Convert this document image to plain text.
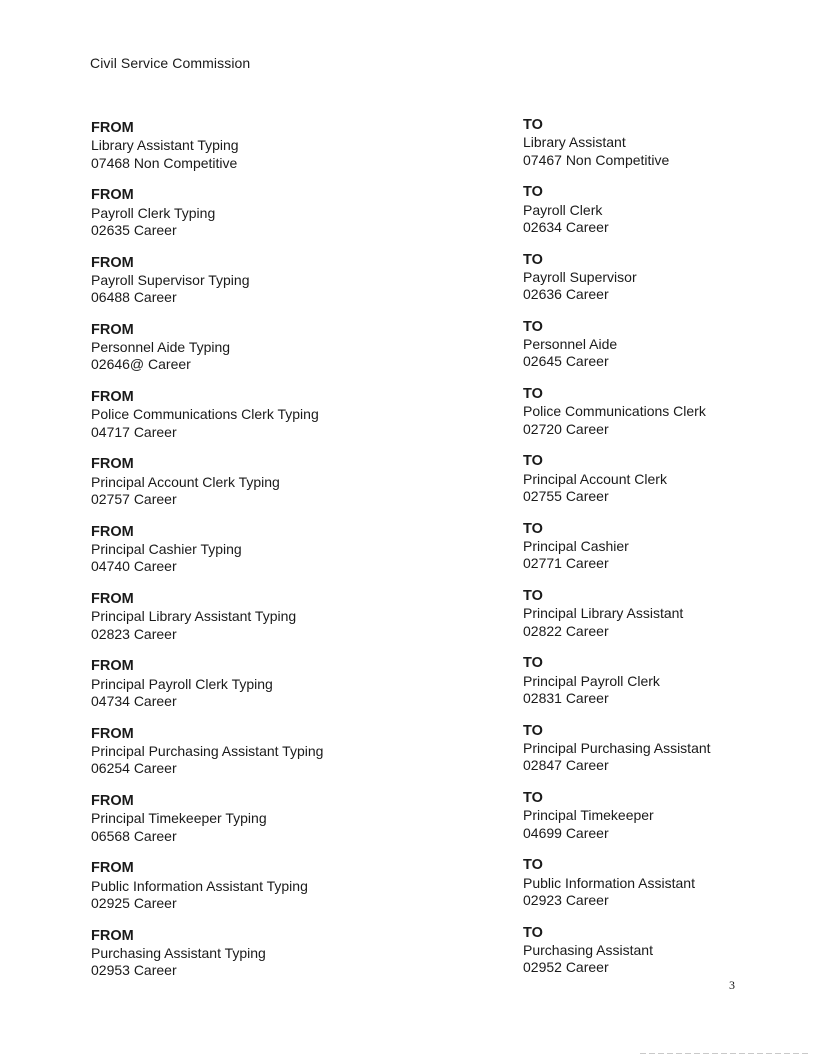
Civil Service Commission
FROM
Library Assistant Typing
07468 Non Competitive
FROM
Payroll Clerk Typing
02635 Career
FROM
Payroll Supervisor Typing
06488 Career
FROM
Personnel Aide Typing
02646@ Career
FROM
Police Communications Clerk Typing
04717 Career
FROM
Principal Account Clerk Typing
02757 Career
FROM
Principal Cashier Typing
04740 Career
FROM
Principal Library Assistant Typing
02823 Career
FROM
Principal Payroll Clerk Typing
04734 Career
FROM
Principal Purchasing Assistant Typing
06254 Career
FROM
Principal Timekeeper Typing
06568 Career
FROM
Public Information Assistant Typing
02925 Career
FROM
Purchasing Assistant Typing
02953 Career
TO
Library Assistant
07467 Non Competitive
TO
Payroll Clerk
02634 Career
TO
Payroll Supervisor
02636 Career
TO
Personnel Aide
02645 Career
TO
Police Communications Clerk
02720 Career
TO
Principal Account Clerk
02755 Career
TO
Principal Cashier
02771 Career
TO
Principal Library Assistant
02822 Career
TO
Principal Payroll Clerk
02831 Career
TO
Principal Purchasing Assistant
02847 Career
TO
Principal Timekeeper
04699 Career
TO
Public Information Assistant
02923 Career
TO
Purchasing Assistant
02952 Career
3
